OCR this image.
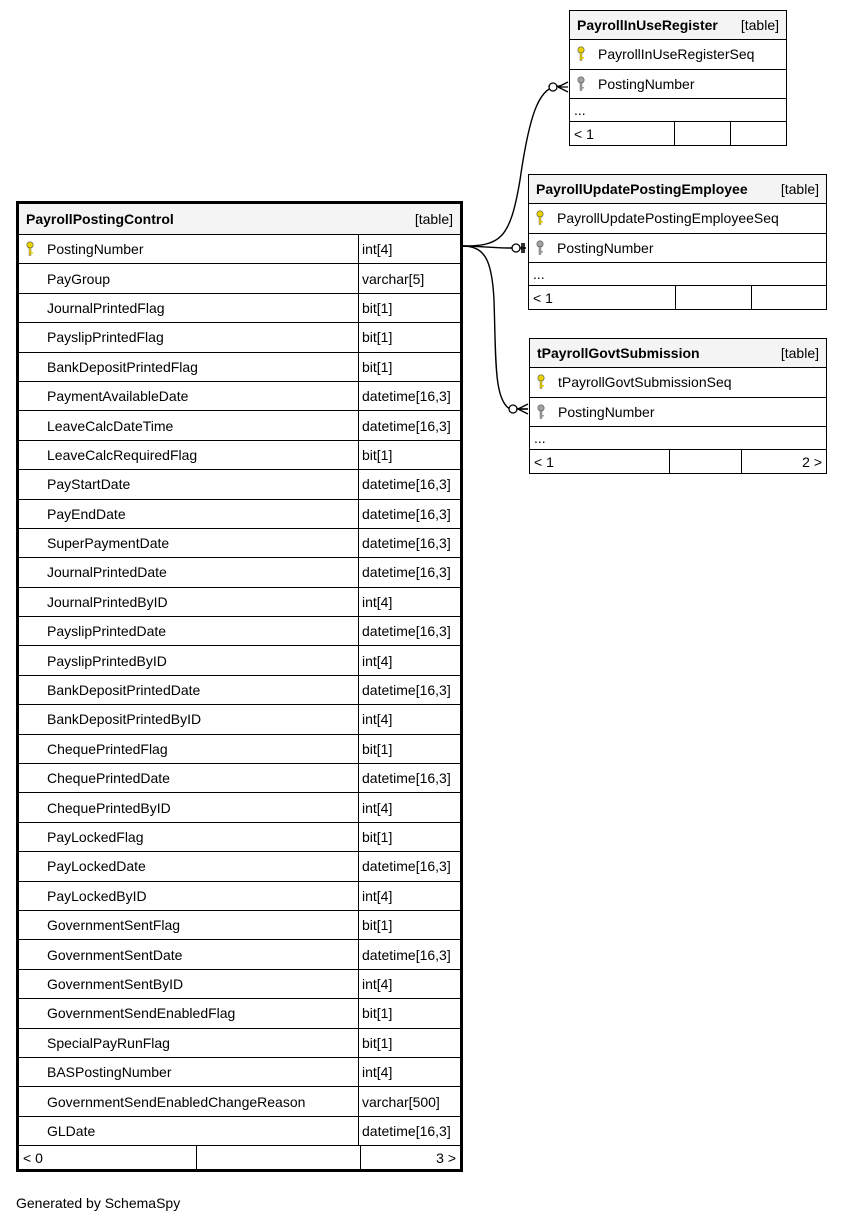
PayrollPostingControl	[table]
PostingNumber	int[4]
PayGroup	varchar[5]
JournalPrintedFlag	bit[1]
PayslipPrintedFlag	bit[1]
BankDepositPrintedFlag	bit[1]
PaymentAvailableDate	datetime[16,3]
LeaveCalcDateTime	datetime[16,3]
LeaveCalcRequiredFlag	bit[1]
PayStartDate	datetime[16,3]
PayEndDate	datetime[16,3]
SuperPaymentDate	datetime[16,3]
JournalPrintedDate	datetime[16,3]
JournalPrintedByID	int[4]
PayslipPrintedDate	datetime[16,3]
PayslipPrintedByID	int[4]
BankDepositPrintedDate	datetime[16,3]
BankDepositPrintedByID	int[4]
ChequePrintedFlag	bit[1]
ChequePrintedDate	datetime[16,3]
ChequePrintedByID	int[4]
PayLockedFlag	bit[1]
PayLockedDate	datetime[16,3]
PayLockedByID	int[4]
GovernmentSentFlag	bit[1]
GovernmentSentDate	datetime[16,3]
GovernmentSentByID	int[4]
GovernmentSendEnabledFlag	bit[1]
SpecialPayRunFlag	bit[1]
BASPostingNumber	int[4]
GovernmentSendEnabledChangeReason	varchar[500]
GLDate	datetime[16,3]
< 0	3 >
PayrollInUseRegister [table]
PayrollInUseRegisterSeq
PostingNumber
...
< 1
PayrollUpdatePostingEmployee [table]
PayrollUpdatePostingEmployeeSeq
PostingNumber
...
< 1
tPayrollGovtSubmission	[table]
tPayrollGovtSubmissionSeq
PostingNumber
...
< 1	2 >
Generated by SchemaSpy
